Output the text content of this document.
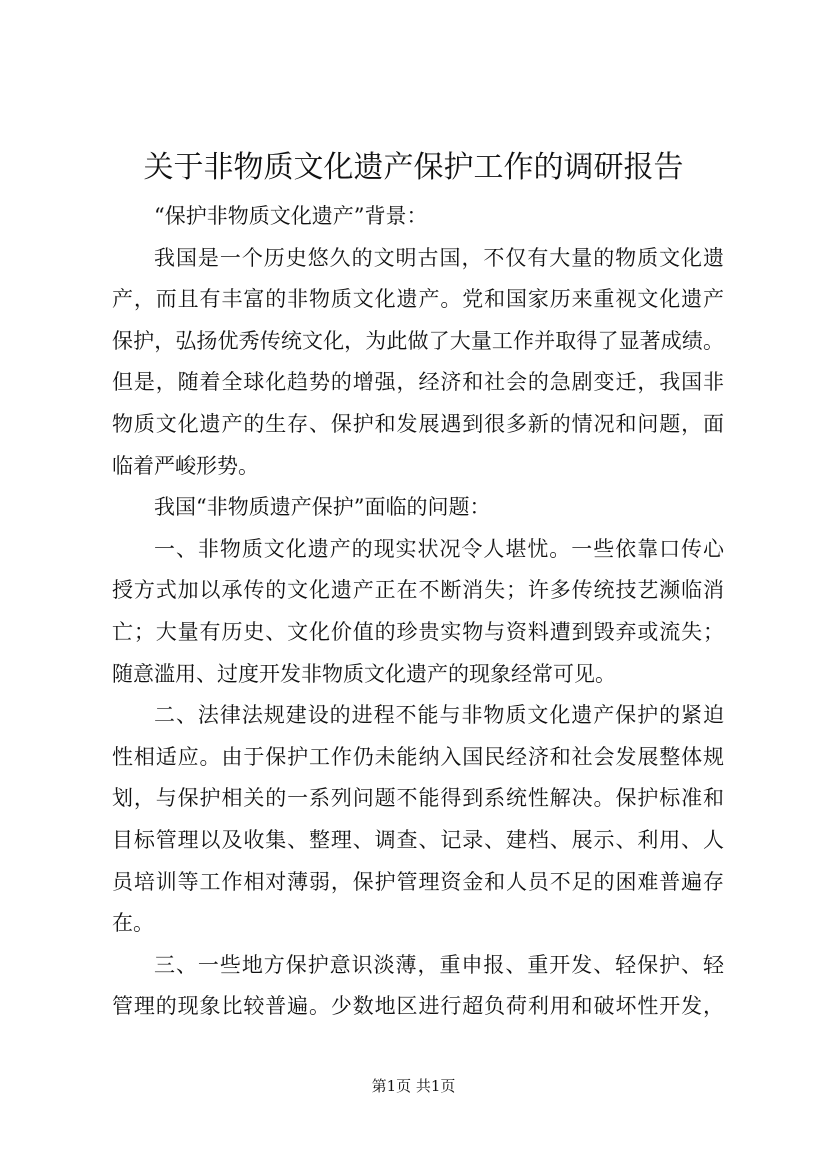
关于非物质文化遗产保护工作的调研报告
“保护非物质文化遗产”背景：
我国是一个历史悠久的文明古国，不仅有大量的物质文化遗
产，而且有丰富的非物质文化遗产。党和国家历来重视文化遗产
保护，弘扬优秀传统文化，为此做了大量工作并取得了显著成绩。
但是，随着全球化趋势的增强，经济和社会的急剧变迁，我国非
物质文化遗产的生存、保护和发展遇到很多新的情况和问题，面
临着严峻形势。
我国“非物质遗产保护”面临的问题：
一、非物质文化遗产的现实状况令人堪忧。一些依靠口传心
授方式加以承传的文化遗产正在不断消失；许多传统技艺濒临消
亡；大量有历史、文化价值的珍贵实物与资料遭到毁弃或流失；
随意滥用、过度开发非物质文化遗产的现象经常可见。
二、法律法规建设的进程不能与非物质文化遗产保护的紧迫
性相适应。由于保护工作仍未能纳入国民经济和社会发展整体规
划，与保护相关的一系列问题不能得到系统性解决。保护标准和
目标管理以及收集、整理、调查、记录、建档、展示、利用、人
员培训等工作相对薄弱，保护管理资金和人员不足的困难普遍存
在。
三、一些地方保护意识淡薄，重申报、重开发、轻保护、轻
管理的现象比较普遍。少数地区进行超负荷利用和破坏性开发，
第1页 共1页
